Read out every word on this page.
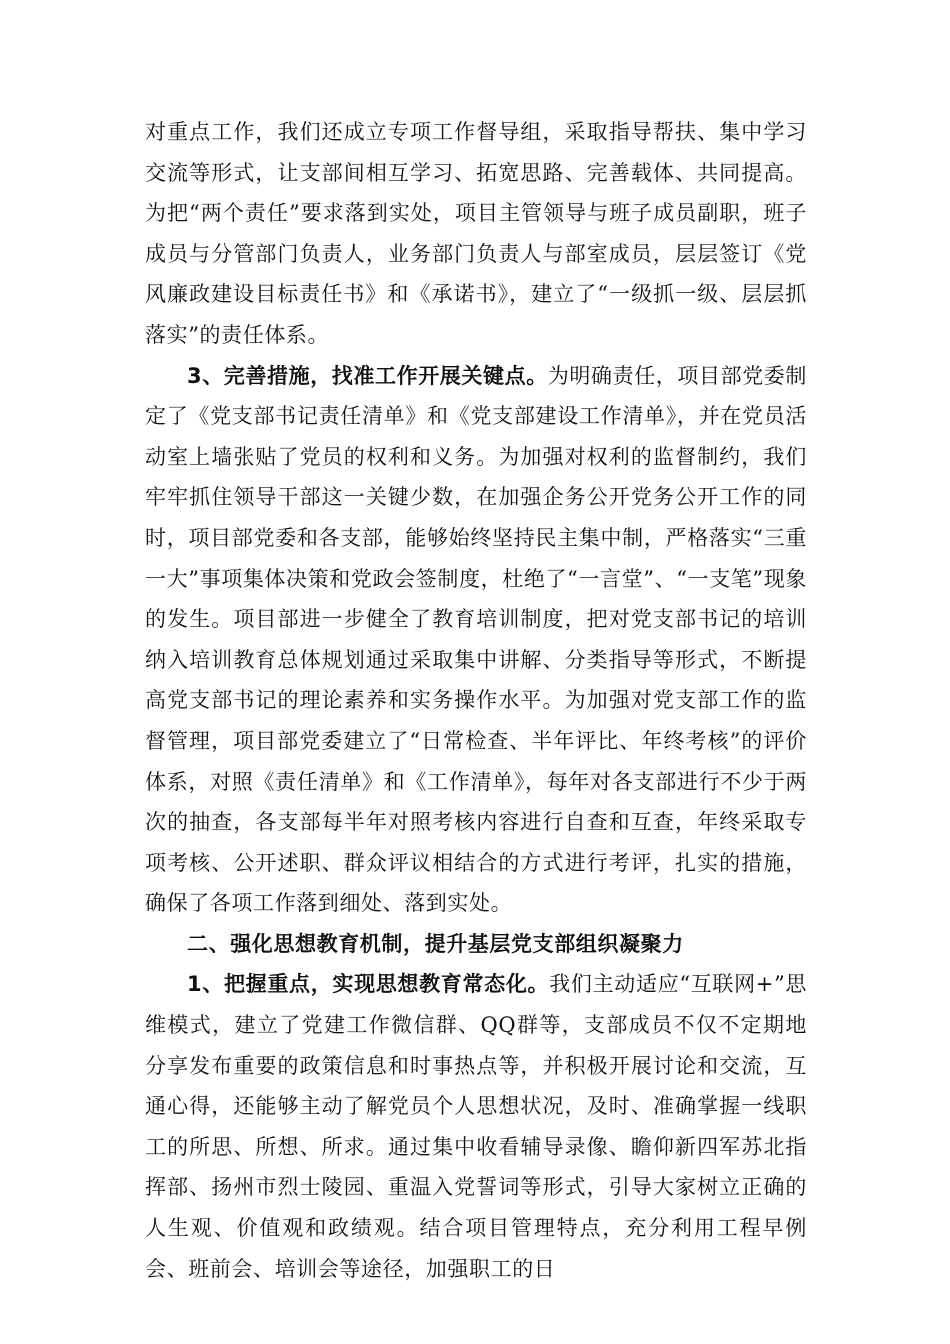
对重点工作，我们还成立专项工作督导组，采取指导帮扶、集中学习交流等形式，让支部间相互学习、拓宽思路、完善载体、共同提高。为把“两个责任”要求落到实处，项目主管领导与班子成员副职，班子成员与分管部门负责人，业务部门负责人与部室成员，层层签订《党风廉政建设目标责任书》和《承诺书》，建立了“一级抓一级、层层抓落实”的责任体系。

3、完善措施，找准工作开展关键点。为明确责任，项目部党委制定了《党支部书记责任清单》和《党支部建设工作清单》，并在党员活动室上墙张贴了党员的权利和义务。为加强对权利的监督制约，我们牢牢抓住领导干部这一关键少数，在加强企务公开党务公开工作的同时，项目部党委和各支部，能够始终坚持民主集中制，严格落实“三重一大”事项集体决策和党政会签制度，杜绝了“一言堂”、“一支笔”现象的发生。项目部进一步健全了教育培训制度，把对党支部书记的培训纳入培训教育总体规划通过采取集中讲解、分类指导等形式，不断提高党支部书记的理论素养和实务操作水平。为加强对党支部工作的监督管理，项目部党委建立了“日常检查、半年评比、年终考核”的评价体系，对照《责任清单》和《工作清单》，每年对各支部进行不少于两次的抽查，各支部每半年对照考核内容进行自查和互查，年终采取专项考核、公开述职、群众评议相结合的方式进行考评，扎实的措施，确保了各项工作落到细处、落到实处。

二、强化思想教育机制，提升基层党支部组织凝聚力

1、把握重点，实现思想教育常态化。我们主动适应“互联网+”思维模式，建立了党建工作微信群、QQ群等，支部成员不仅不定期地分享发布重要的政策信息和时事热点等，并积极开展讨论和交流，互通心得，还能够主动了解党员个人思想状况，及时、准确掌握一线职工的所思、所想、所求。通过集中收看辅导录像、瞻仰新四军苏北指挥部、扬州市烈士陵园、重温入党誓词等形式，引导大家树立正确的人生观、价值观和政绩观。结合项目管理特点，充分利用工程早例会、班前会、培训会等途径，加强职工的日
